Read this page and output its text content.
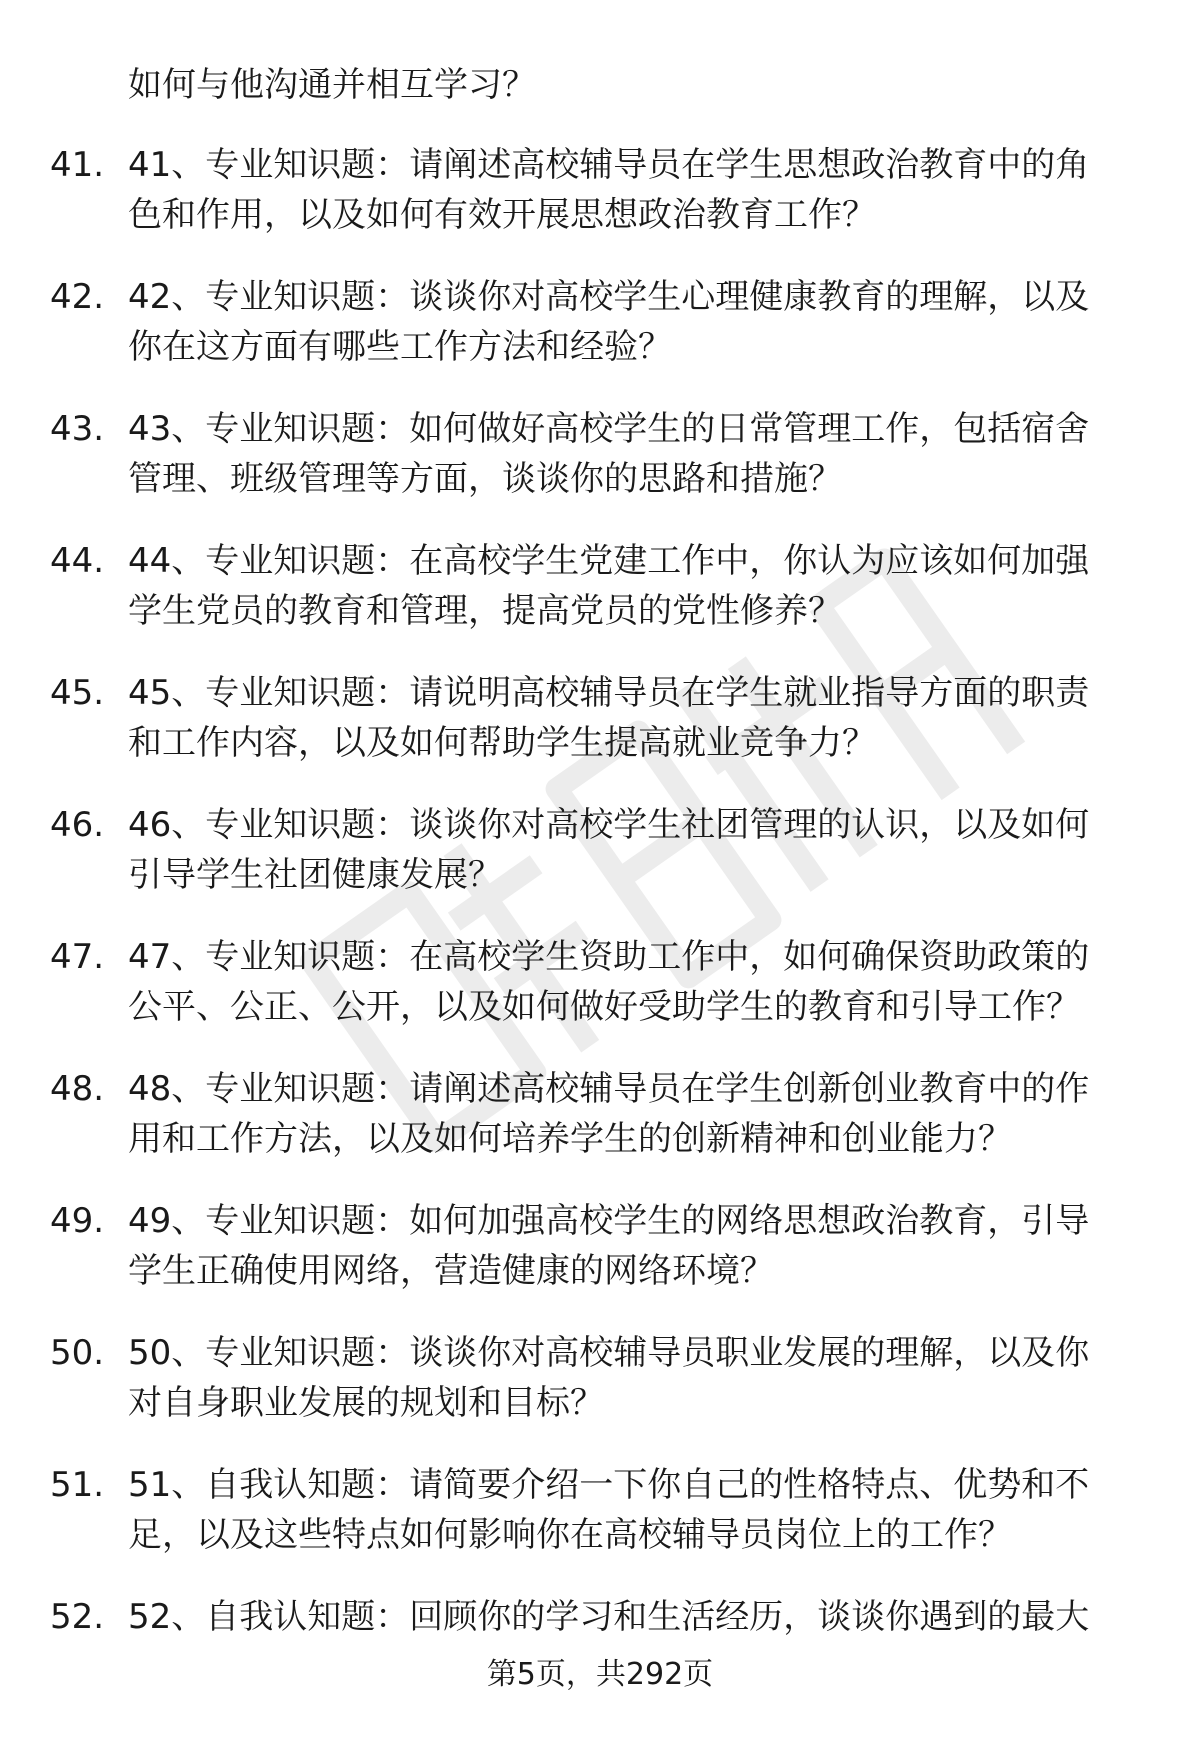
如何与他沟通并相互学习？
41. 41、专业知识题：请阐述高校辅导员在学生思想政治教育中的角
色和作用，以及如何有效开展思想政治教育工作？
42. 42、专业知识题：谈谈你对高校学生心理健康教育的理解，以及
你在这方面有哪些工作方法和经验？
43. 43、专业知识题：如何做好高校学生的日常管理工作，包括宿舍
管理、班级管理等方面，谈谈你的思路和措施？
44. 44、专业知识题：在高校学生党建工作中，你认为应该如何加强
学生党员的教育和管理，提高党员的党性修养？
45. 45、专业知识题：请说明高校辅导员在学生就业指导方面的职责
和工作内容，以及如何帮助学生提高就业竞争力？
46. 46、专业知识题：谈谈你对高校学生社团管理的认识，以及如何
引导学生社团健康发展？
47. 47、专业知识题：在高校学生资助工作中，如何确保资助政策的
公平、公正、公开，以及如何做好受助学生的教育和引导工作？
48. 48、专业知识题：请阐述高校辅导员在学生创新创业教育中的作
用和工作方法，以及如何培养学生的创新精神和创业能力？
49. 49、专业知识题：如何加强高校学生的网络思想政治教育，引导
学生正确使用网络，营造健康的网络环境？
50. 50、专业知识题：谈谈你对高校辅导员职业发展的理解，以及你
对自身职业发展的规划和目标？
51. 51、自我认知题：请简要介绍一下你自己的性格特点、优势和不
足，以及这些特点如何影响你在高校辅导员岗位上的工作？
52. 52、自我认知题：回顾你的学习和生活经历，谈谈你遇到的最大
第5页，共292页
